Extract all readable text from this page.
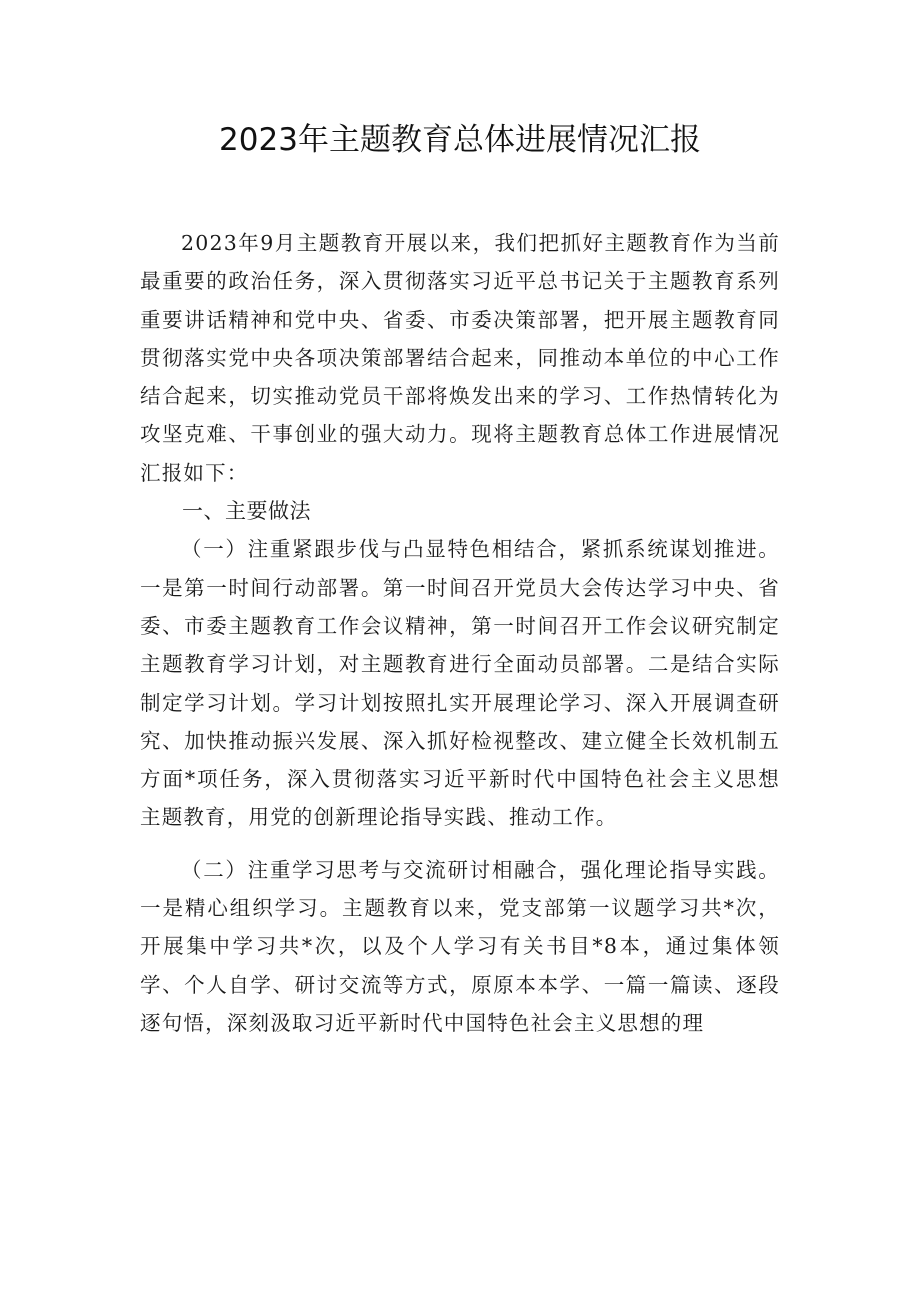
2023年主题教育总体进展情况汇报

2023年9月主题教育开展以来，我们把抓好主题教育作为当前最重要的政治任务，深入贯彻落实习近平总书记关于主题教育系列重要讲话精神和党中央、省委、市委决策部署，把开展主题教育同贯彻落实党中央各项决策部署结合起来，同推动本单位的中心工作结合起来，切实推动党员干部将焕发出来的学习、工作热情转化为攻坚克难、干事创业的强大动力。现将主题教育总体工作进展情况汇报如下：

一、主要做法

（一）注重紧跟步伐与凸显特色相结合，紧抓系统谋划推进。一是第一时间行动部署。第一时间召开党员大会传达学习中央、省委、市委主题教育工作会议精神，第一时间召开工作会议研究制定主题教育学习计划，对主题教育进行全面动员部署。二是结合实际制定学习计划。学习计划按照扎实开展理论学习、深入开展调查研究、加快推动振兴发展、深入抓好检视整改、建立健全长效机制五方面*项任务，深入贯彻落实习近平新时代中国特色社会主义思想主题教育，用党的创新理论指导实践、推动工作。

（二）注重学习思考与交流研讨相融合，强化理论指导实践。一是精心组织学习。主题教育以来，党支部第一议题学习共*次，开展集中学习共*次，以及个人学习有关书目*8本，通过集体领学、个人自学、研讨交流等方式，原原本本学、一篇一篇读、逐段逐句悟，深刻汲取习近平新时代中国特色社会主义思想的理
